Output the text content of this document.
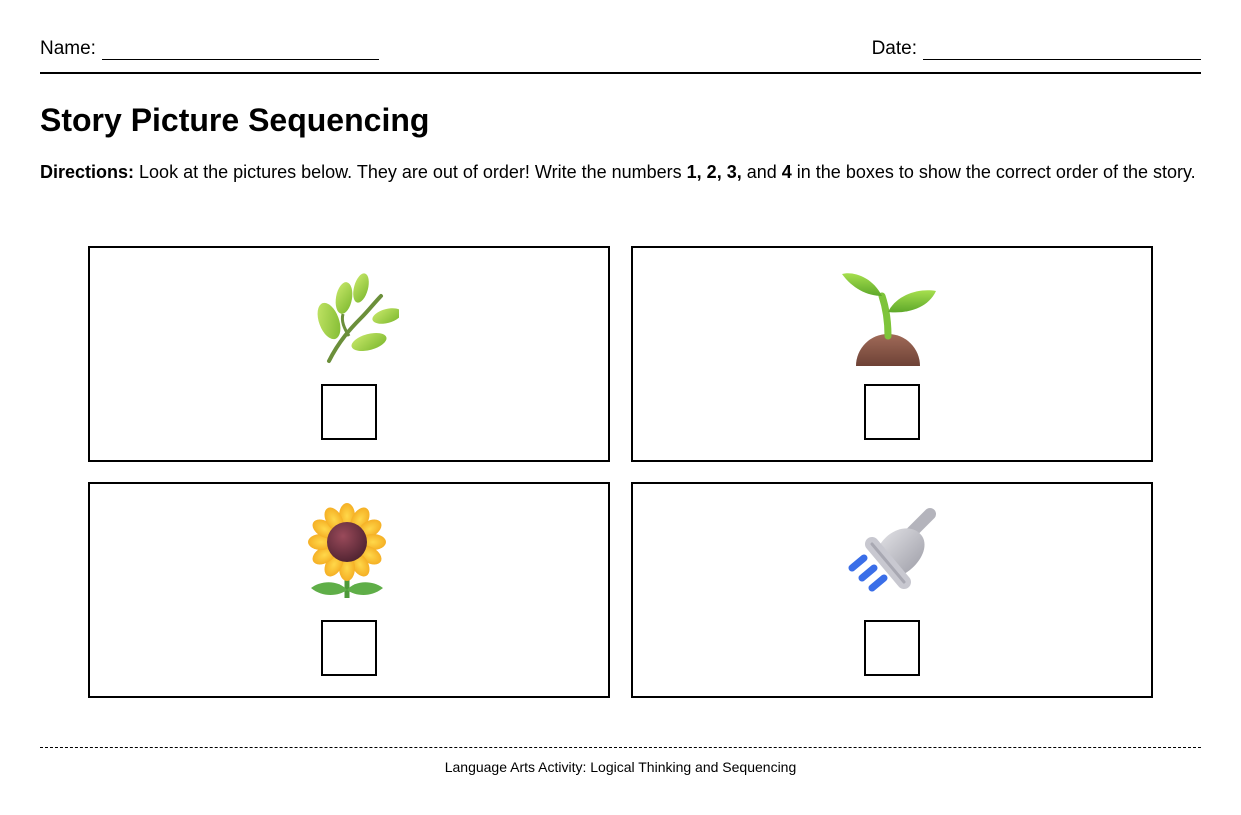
Name:	Date:
Story Picture Sequencing
Directions: Look at the pictures below. They are out of order! Write the numbers 1, 2, 3, and 4 in the boxes to show the correct order of the story.
Language Arts Activity: Logical Thinking and Sequencing
